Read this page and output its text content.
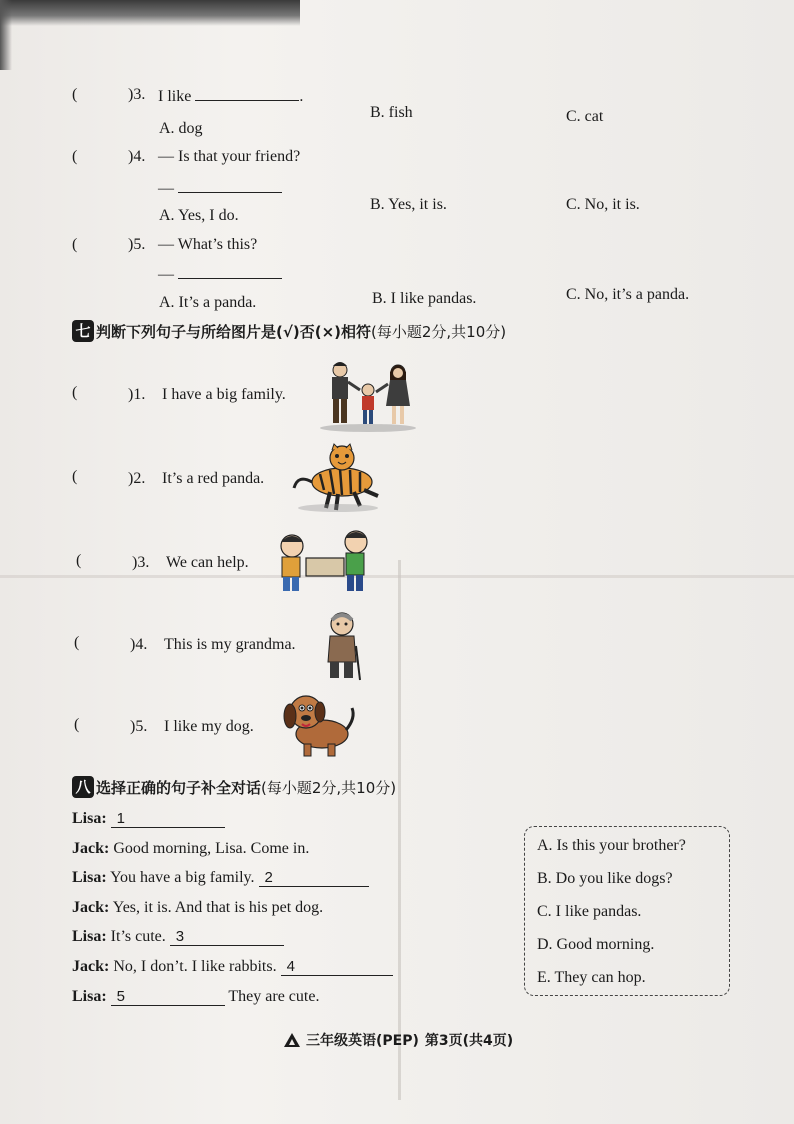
(	)3. I like	.
A. dog
B. fish	C. cat
(	)4. — Is that your friend?
—
A. Yes, I do.
B. Yes, it is.	C. No, it is.
(	)5. — What’s this?
—
A. It’s a panda.	B. I like pandas.	C. No, it’s a panda.
七 判断下列句子与所给图片是(√)否(×)相符 (每小题2分,共10分)
(	)1. I have a big family.
(	)2. It’s a red panda.
(	)3. We can help.
(	)4. This is my grandma.
(	)5. I like my dog.
八 选择正确的句子补全对话 (每小题2分,共10分)
Lisa: 1
Jack: Good morning, Lisa. Come in.
Lisa: You have a big family. 2
Jack: Yes, it is. And that is his pet dog.
Lisa: It’s cute. 3
Jack: No, I don’t. I like rabbits. 4
Lisa: 5	They are cute.
A. Is this your brother?
B. Do you like dogs?
C. I like pandas.
D. Good morning.
E. They can hop.
三年级英语(PEP) 第3页(共4页)
